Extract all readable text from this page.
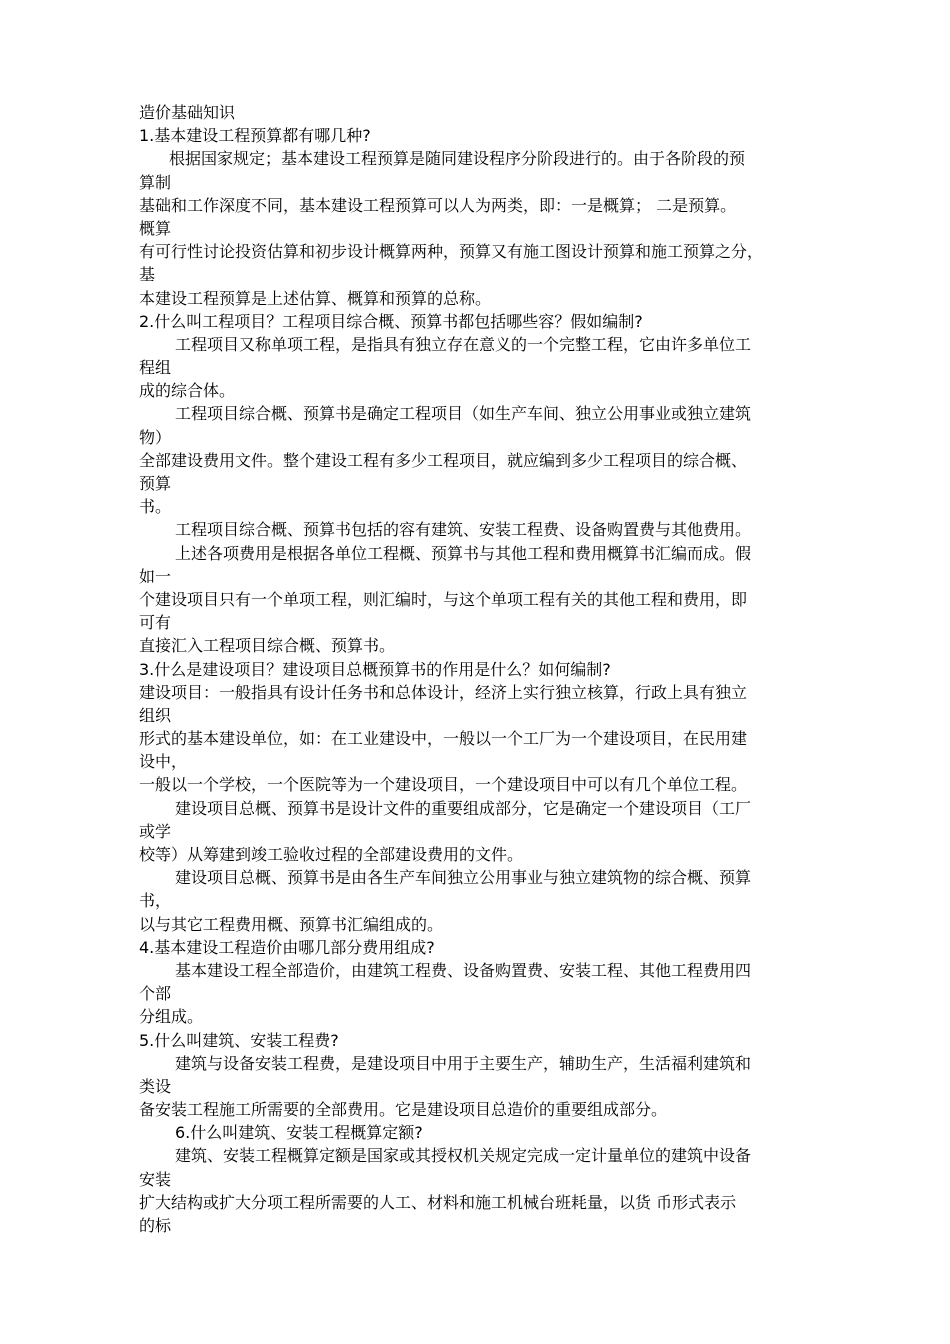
造价基础知识
1.基本建设工程预算都有哪几种?
根据国家规定；基本建设工程预算是随同建设程序分阶段进行的。由于各阶段的预
算制
基础和工作深度不同，基本建设工程预算可以人为两类，即：一是概算； 二是预算。
概算
有可行性讨论投资估算和初步设计概算两种，预算又有施工图设计预算和施工预算之分，
基
本建设工程预算是上述估算、概算和预算的总称。
2.什么叫工程项目？工程项目综合概、预算书都包括哪些容？假如编制?
工程项目又称单项工程，是指具有独立存在意义的一个完整工程，它由许多单位工
程组
成的综合体。
工程项目综合概、预算书是确定工程项目（如生产车间、独立公用事业或独立建筑
物）
全部建设费用文件。整个建设工程有多少工程项目，就应编到多少工程项目的综合概、
预算
书。
工程项目综合概、预算书包括的容有建筑、安装工程费、设备购置费与其他费用。
上述各项费用是根据各单位工程概、预算书与其他工程和费用概算书汇编而成。假
如一
个建设项目只有一个单项工程，则汇编时，与这个单项工程有关的其他工程和费用，即
可有
直接汇入工程项目综合概、预算书。
3.什么是建设项目？建设项目总概预算书的作用是什么？如何编制?
建设项目：一般指具有设计任务书和总体设计，经济上实行独立核算，行政上具有独立
组织
形式的基本建设单位，如：在工业建设中，一般以一个工厂为一个建设项目，在民用建
设中，
一般以一个学校，一个医院等为一个建设项目，一个建设项目中可以有几个单位工程。
建设项目总概、预算书是设计文件的重要组成部分，它是确定一个建设项目（工厂
或学
校等）从筹建到竣工验收过程的全部建设费用的文件。
建设项目总概、预算书是由各生产车间独立公用事业与独立建筑物的综合概、预算
书，
以与其它工程费用概、预算书汇编组成的。
4.基本建设工程造价由哪几部分费用组成?
基本建设工程全部造价，由建筑工程费、设备购置费、安装工程、其他工程费用四
个部
分组成。
5.什么叫建筑、安装工程费?
建筑与设备安装工程费，是建设项目中用于主要生产，辅助生产，生活福利建筑和
类设
备安装工程施工所需要的全部费用。它是建设项目总造价的重要组成部分。
6.什么叫建筑、安装工程概算定额?
建筑、安装工程概算定额是国家或其授权机关规定完成一定计量单位的建筑中设备
安装
扩大结构或扩大分项工程所需要的人工、材料和施工机械台班耗量，以货 币形式表示
的标
